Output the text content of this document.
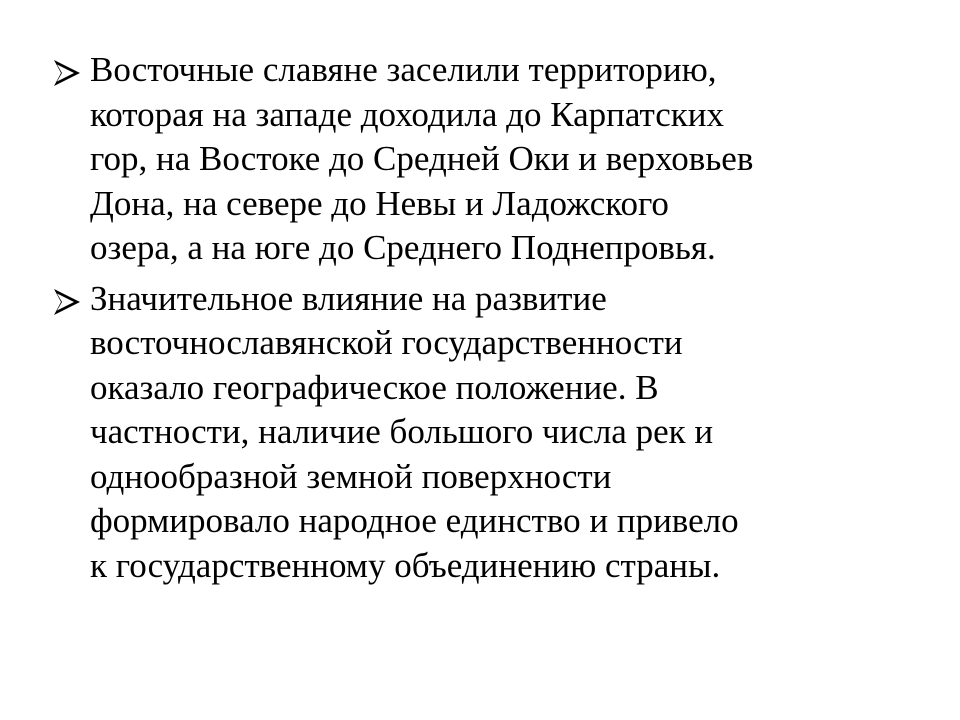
Восточные славяне заселили территорию,
которая на западе доходила до Карпатских
гор, на Востоке до Средней Оки и верховьев
Дона, на севере до Невы и Ладожского
озера, а на юге до Среднего Поднепровья.
Значительное влияние на развитие
восточнославянской государственности
оказало географическое положение. В
частности, наличие большого числа рек и
однообразной земной поверхности
формировало народное единство и привело
к государственному объединению страны.
